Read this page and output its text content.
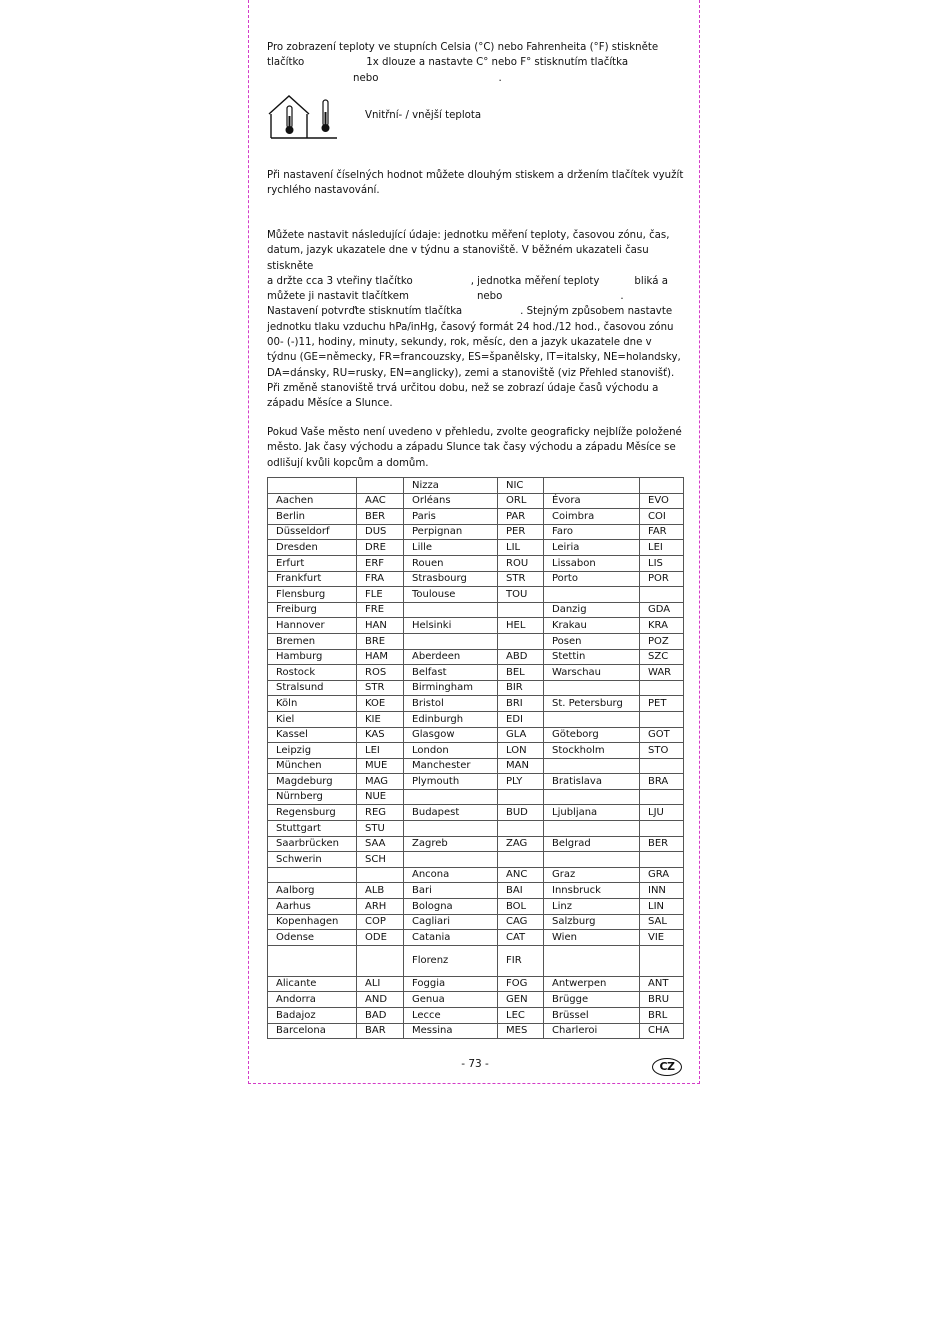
Pro zobrazení teploty ve stupních Celsia (°C) nebo Fahrenheita (°F) stiskněte

tlačítko	1x dlouze a nastavte C° nebo F° stisknutím tlačítka

nebo	.

Vnitřní- / vnější teplota

Při nastavení číselných hodnot můžete dlouhým stiskem a držením tlačítek využít rychlého nastavování.

Můžete nastavit následující údaje: jednotku měření teploty, časovou zónu, čas,

datum, jazyk ukazatele dne v týdnu a stanoviště. V běžném ukazateli času stiskněte

a držte cca 3 vteřiny tlačítko	, jednotka měření teploty	bliká a

můžete ji nastavit tlačítkem	nebo	.

Nastavení potvrďte stisknutím tlačítka	. Stejným způsobem nastavte

jednotku tlaku vzduchu hPa/inHg, časový formát 24 hod./12 hod., časovou zónu 00- (-)11, hodiny, minuty, sekundy, rok, měsíc, den a jazyk ukazatele dne v týdnu (GE=německy, FR=francouzsky, ES=španělsky, IT=italsky, NE=holandsky, DA=dánsky, RU=rusky, EN=anglicky), zemi a stanoviště (viz Přehled stanovišť). Při změně stanoviště trvá určitou dobu, než se zobrazí údaje časů východu a západu Měsíce a Slunce.

Pokud Vaše město není uvedeno v přehledu, zvolte geograficky nejblíže položené město. Jak časy východu a západu Slunce tak časy východu a západu Měsíce se odlišují kvůli kopcům a domům.

		Nizza	NIC		
Aachen	AAC	Orléans	ORL	Évora	EVO
Berlin	BER	Paris	PAR	Coimbra	COI
Düsseldorf	DUS	Perpignan	PER	Faro	FAR
Dresden	DRE	Lille	LIL	Leiria	LEI
Erfurt	ERF	Rouen	ROU	Lissabon	LIS
Frankfurt	FRA	Strasbourg	STR	Porto	POR
Flensburg	FLE	Toulouse	TOU		
Freiburg	FRE			Danzig	GDA
Hannover	HAN	Helsinki	HEL	Krakau	KRA
Bremen	BRE			Posen	POZ
Hamburg	HAM	Aberdeen	ABD	Stettin	SZC
Rostock	ROS	Belfast	BEL	Warschau	WAR
Stralsund	STR	Birmingham	BIR		
Köln	KOE	Bristol	BRI	St. Petersburg	PET
Kiel	KIE	Edinburgh	EDI		
Kassel	KAS	Glasgow	GLA	Göteborg	GOT
Leipzig	LEI	London	LON	Stockholm	STO
München	MUE	Manchester	MAN		
Magdeburg	MAG	Plymouth	PLY	Bratislava	BRA
Nürnberg	NUE				
Regensburg	REG	Budapest	BUD	Ljubljana	LJU
Stuttgart	STU				
Saarbrücken	SAA	Zagreb	ZAG	Belgrad	BER
Schwerin	SCH				
		Ancona	ANC	Graz	GRA
Aalborg	ALB	Bari	BAI	Innsbruck	INN
Aarhus	ARH	Bologna	BOL	Linz	LIN
Kopenhagen	COP	Cagliari	CAG	Salzburg	SAL
Odense	ODE	Catania	CAT	Wien	VIE
		Florenz	FIR		
Alicante	ALI	Foggia	FOG	Antwerpen	ANT
Andorra	AND	Genua	GEN	Brügge	BRU
Badajoz	BAD	Lecce	LEC	Brüssel	BRL
Barcelona	BAR	Messina	MES	Charleroi	CHA
- 73 -	CZ
